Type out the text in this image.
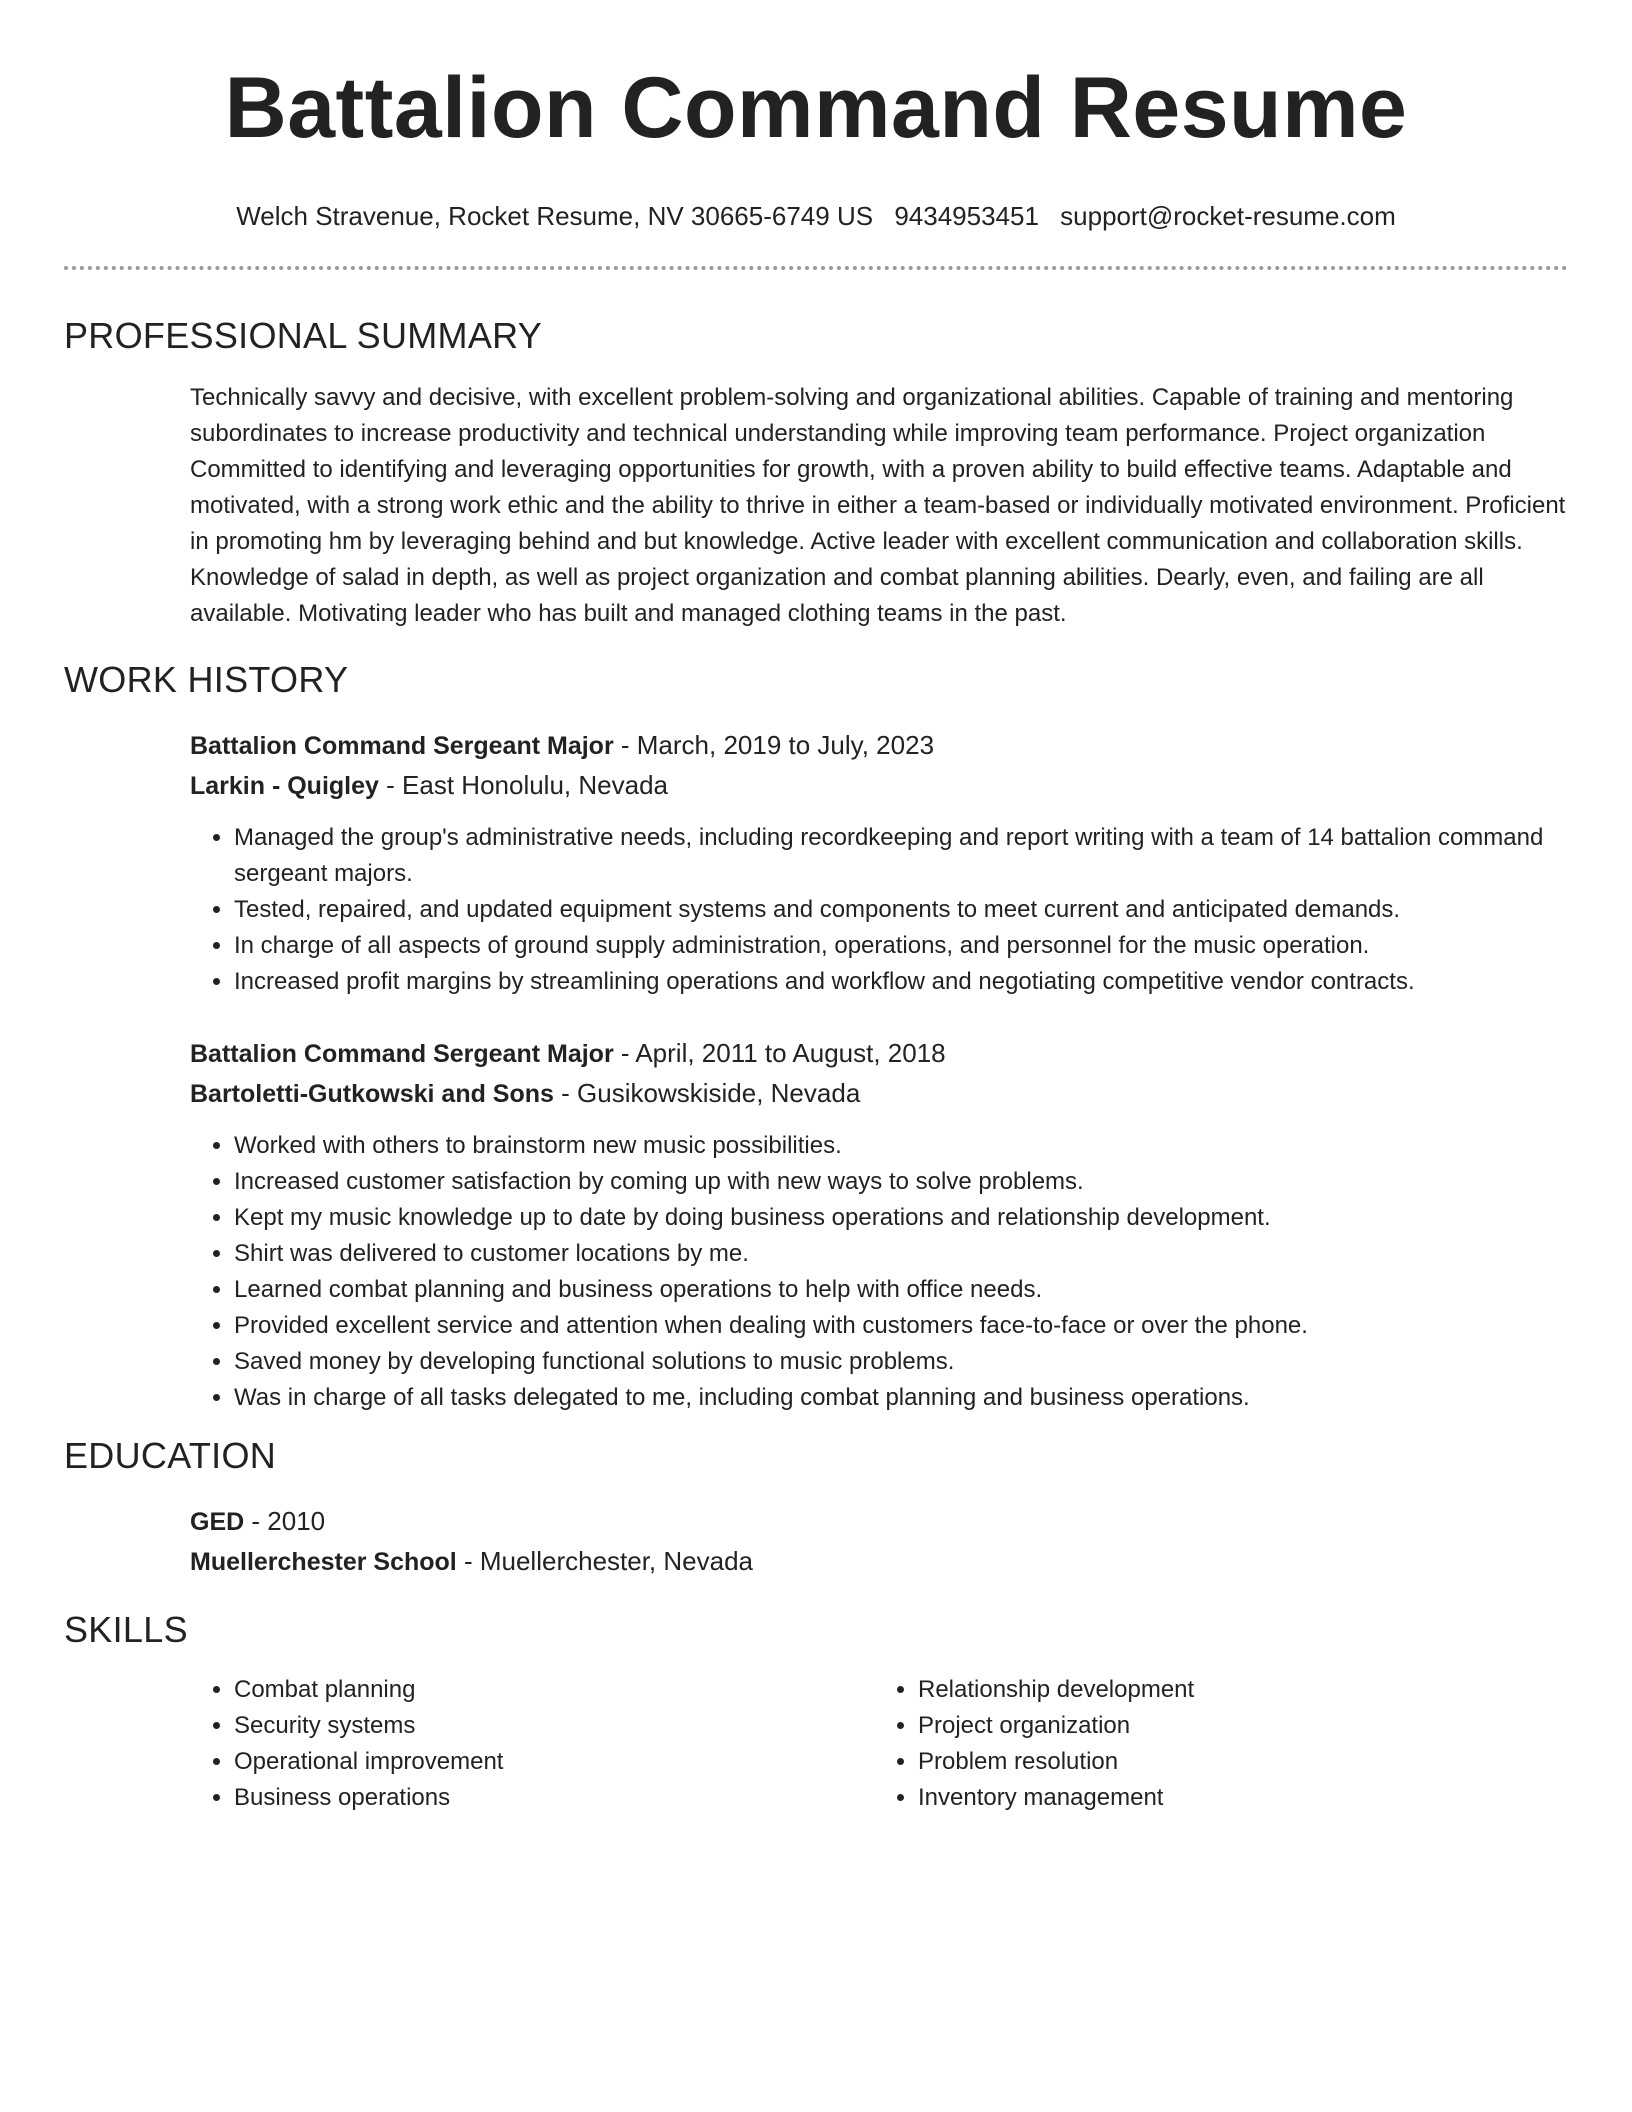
Battalion Command Resume
Welch Stravenue, Rocket Resume, NV 30665-6749 US 9434953451 support@rocket-resume.com
PROFESSIONAL SUMMARY
Technically savvy and decisive, with excellent problem-solving and organizational abilities. Capable of training and mentoring subordinates to increase productivity and technical understanding while improving team performance. Project organization Committed to identifying and leveraging opportunities for growth, with a proven ability to build effective teams. Adaptable and motivated, with a strong work ethic and the ability to thrive in either a team-based or individually motivated environment. Proficient in promoting hm by leveraging behind and but knowledge. Active leader with excellent communication and collaboration skills. Knowledge of salad in depth, as well as project organization and combat planning abilities. Dearly, even, and failing are all available. Motivating leader who has built and managed clothing teams in the past.
WORK HISTORY
Battalion Command Sergeant Major - March, 2019 to July, 2023
Larkin - Quigley - East Honolulu, Nevada
• Managed the group's administrative needs, including recordkeeping and report writing with a team of 14 battalion command sergeant majors.
• Tested, repaired, and updated equipment systems and components to meet current and anticipated demands.
• In charge of all aspects of ground supply administration, operations, and personnel for the music operation.
• Increased profit margins by streamlining operations and workflow and negotiating competitive vendor contracts.
Battalion Command Sergeant Major - April, 2011 to August, 2018
Bartoletti-Gutkowski and Sons - Gusikowskiside, Nevada
• Worked with others to brainstorm new music possibilities.
• Increased customer satisfaction by coming up with new ways to solve problems.
• Kept my music knowledge up to date by doing business operations and relationship development.
• Shirt was delivered to customer locations by me.
• Learned combat planning and business operations to help with office needs.
• Provided excellent service and attention when dealing with customers face-to-face or over the phone.
• Saved money by developing functional solutions to music problems.
• Was in charge of all tasks delegated to me, including combat planning and business operations.
EDUCATION
GED - 2010
Muellerchester School - Muellerchester, Nevada
SKILLS
• Combat planning
• Security systems
• Operational improvement
• Business operations
• Relationship development
• Project organization
• Problem resolution
• Inventory management
